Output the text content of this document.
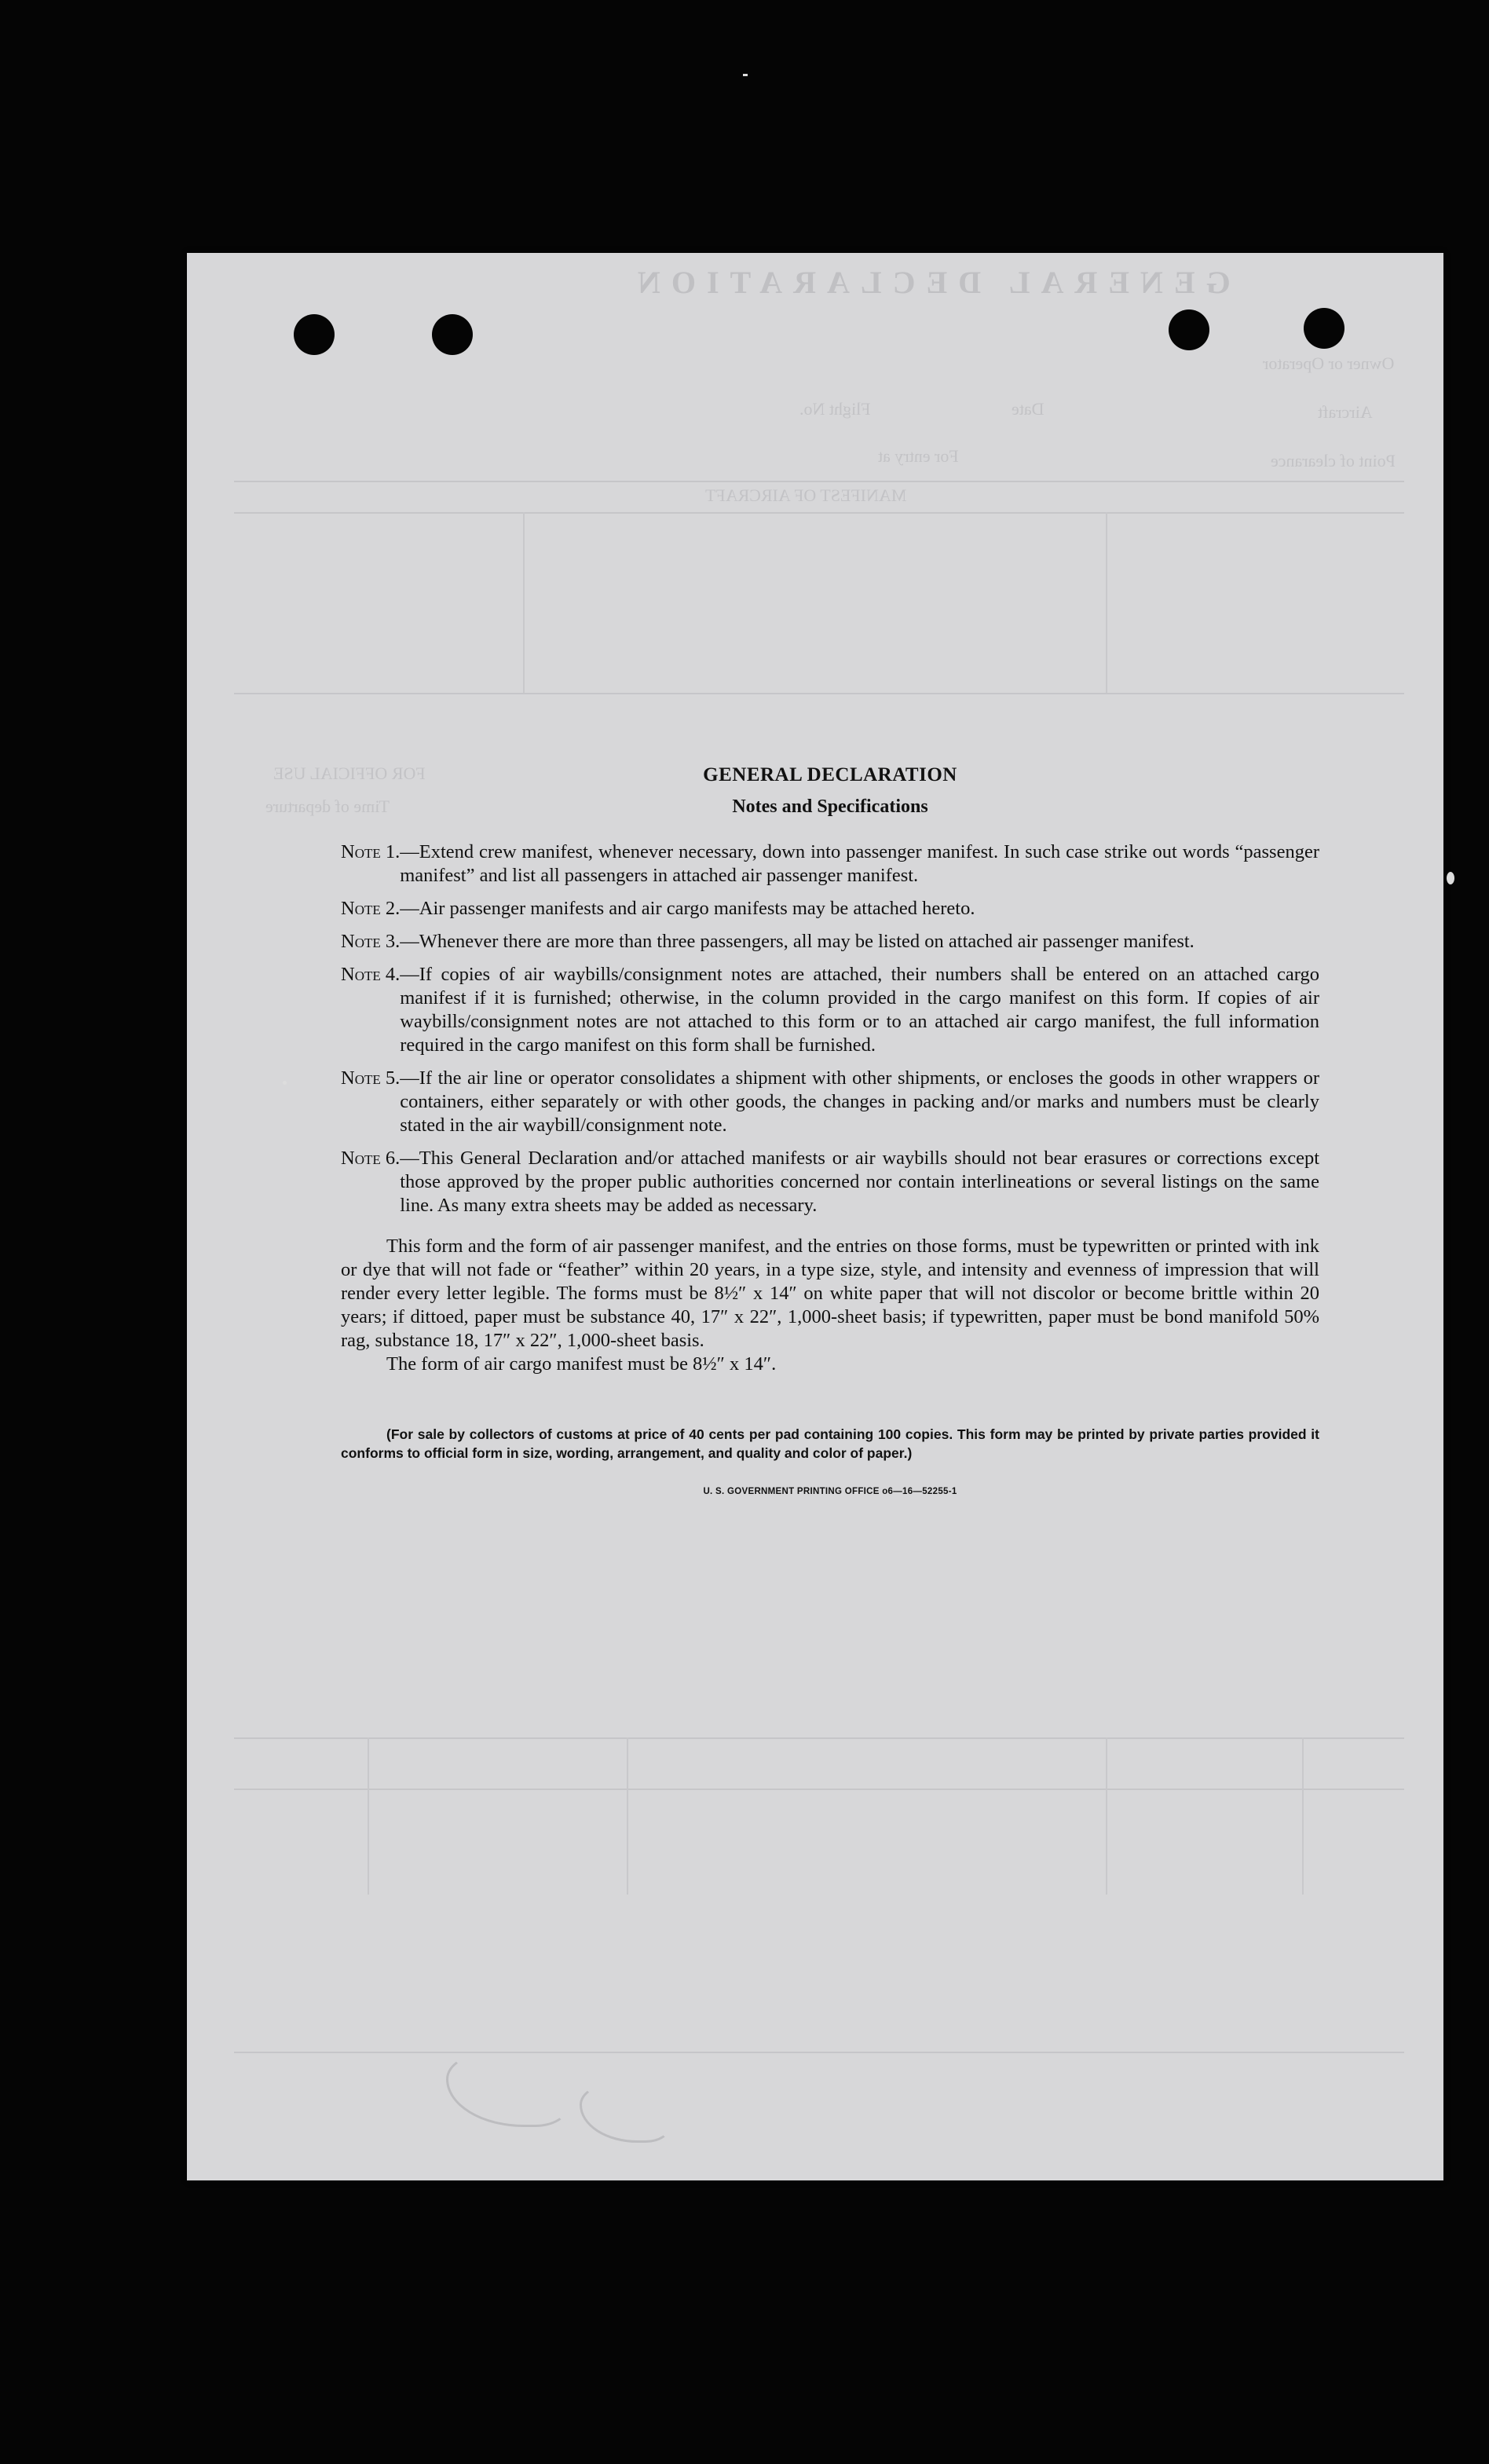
GENERAL DECLARATION
Owner or Operator
Aircraft
Flight No.	Date
Point of clearance
For entry at
MANIFEST OF AIRCRAFT
FOR OFFICIAL USE
Time of departure
GENERAL DECLARATION
Notes and Specifications
Note 1. —Extend crew manifest, whenever necessary, down into passenger manifest. In such case strike out words “passenger manifest” and list all passengers in attached air passenger manifest.
Note 2. —Air passenger manifests and air cargo manifests may be attached hereto.
Note 3. —Whenever there are more than three passengers, all may be listed on attached air passenger manifest.
Note 4. —If copies of air waybills/consignment notes are attached, their numbers shall be entered on an attached cargo manifest if it is furnished; otherwise, in the column provided in the cargo manifest on this form. If copies of air waybills/consignment notes are not attached to this form or to an attached air cargo manifest, the full information required in the cargo manifest on this form shall be furnished.
Note 5. —If the air line or operator consolidates a shipment with other shipments, or encloses the goods in other wrappers or containers, either separately or with other goods, the changes in packing and/or marks and numbers must be clearly stated in the air waybill/consignment note.
Note 6. —This General Declaration and/or attached manifests or air waybills should not bear erasures or corrections except those approved by the proper public authorities concerned nor contain interlineations or several listings on the same line. As many extra sheets may be added as necessary.

This form and the form of air passenger manifest, and the entries on those forms, must be typewritten or printed with ink or dye that will not fade or “feather” within 20 years, in a type size, style, and intensity and evenness of impression that will render every letter legible. The forms must be 8½″ x 14″ on white paper that will not discolor or become brittle within 20 years; if dittoed, paper must be substance 40, 17″ x 22″, 1,000-sheet basis; if typewritten, paper must be bond manifold 50% rag, substance 18, 17″ x 22″, 1,000-sheet basis.

The form of air cargo manifest must be 8½″ x 14″.

(For sale by collectors of customs at price of 40 cents per pad containing 100 copies. This form may be printed by private parties provided it conforms to official form in size, wording, arrangement, and quality and color of paper.)

U. S. GOVERNMENT PRINTING OFFICE o6—16—52255-1
